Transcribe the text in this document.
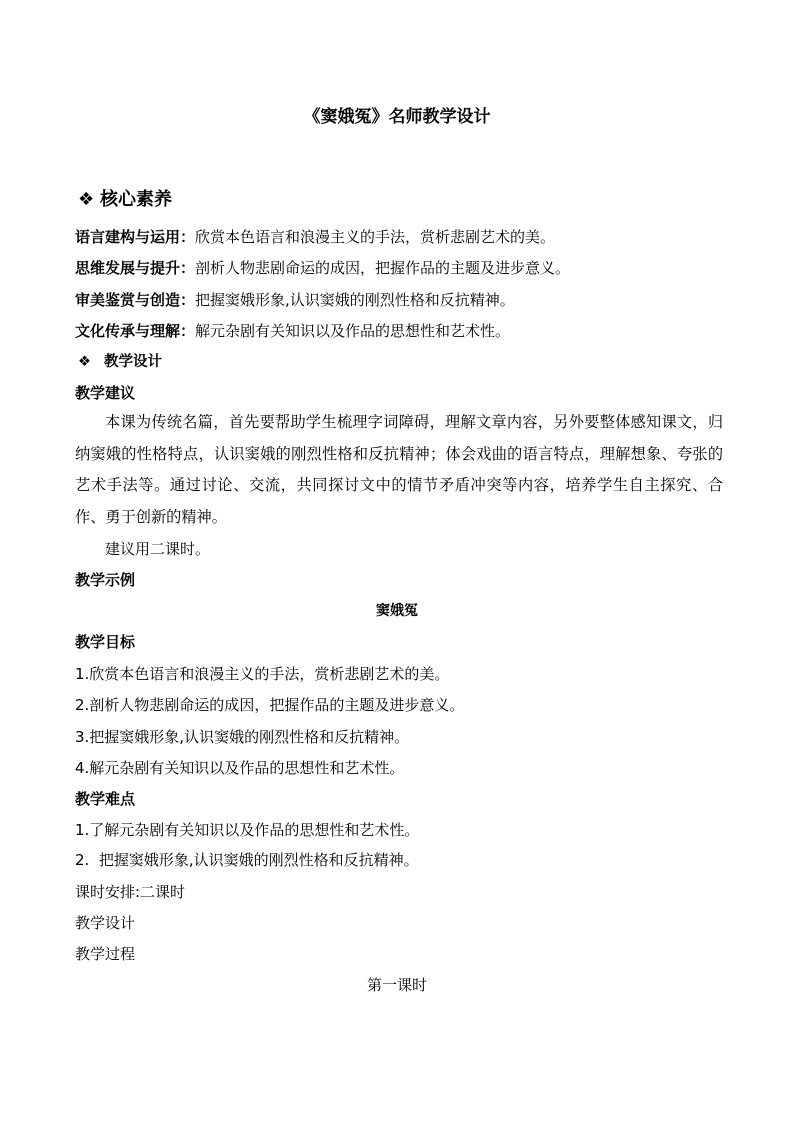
《窦娥冤》名师教学设计
❖ 核心素养
语言建构与运用：欣赏本色语言和浪漫主义的手法，赏析悲剧艺术的美。
思维发展与提升：剖析人物悲剧命运的成因，把握作品的主题及进步意义。
审美鉴赏与创造：把握窦娥形象,认识窦娥的刚烈性格和反抗精神。
文化传承与理解：解元杂剧有关知识以及作品的思想性和艺术性。
❖ 教学设计
教学建议
本课为传统名篇，首先要帮助学生梳理字词障碍，理解文章内容，另外要整体感知课文，归纳窦娥的性格特点，认识窦娥的刚烈性格和反抗精神；体会戏曲的语言特点，理解想象、夸张的艺术手法等。通过讨论、交流，共同探讨文中的情节矛盾冲突等内容，培养学生自主探究、合作、勇于创新的精神。
建议用二课时。
教学示例
窦娥冤
教学目标
1.欣赏本色语言和浪漫主义的手法，赏析悲剧艺术的美。
2.剖析人物悲剧命运的成因，把握作品的主题及进步意义。
3.把握窦娥形象,认识窦娥的刚烈性格和反抗精神。
4.解元杂剧有关知识以及作品的思想性和艺术性。
教学难点
1.了解元杂剧有关知识以及作品的思想性和艺术性。
2.  把握窦娥形象,认识窦娥的刚烈性格和反抗精神。
课时安排:二课时
教学设计
教学过程
第一课时
